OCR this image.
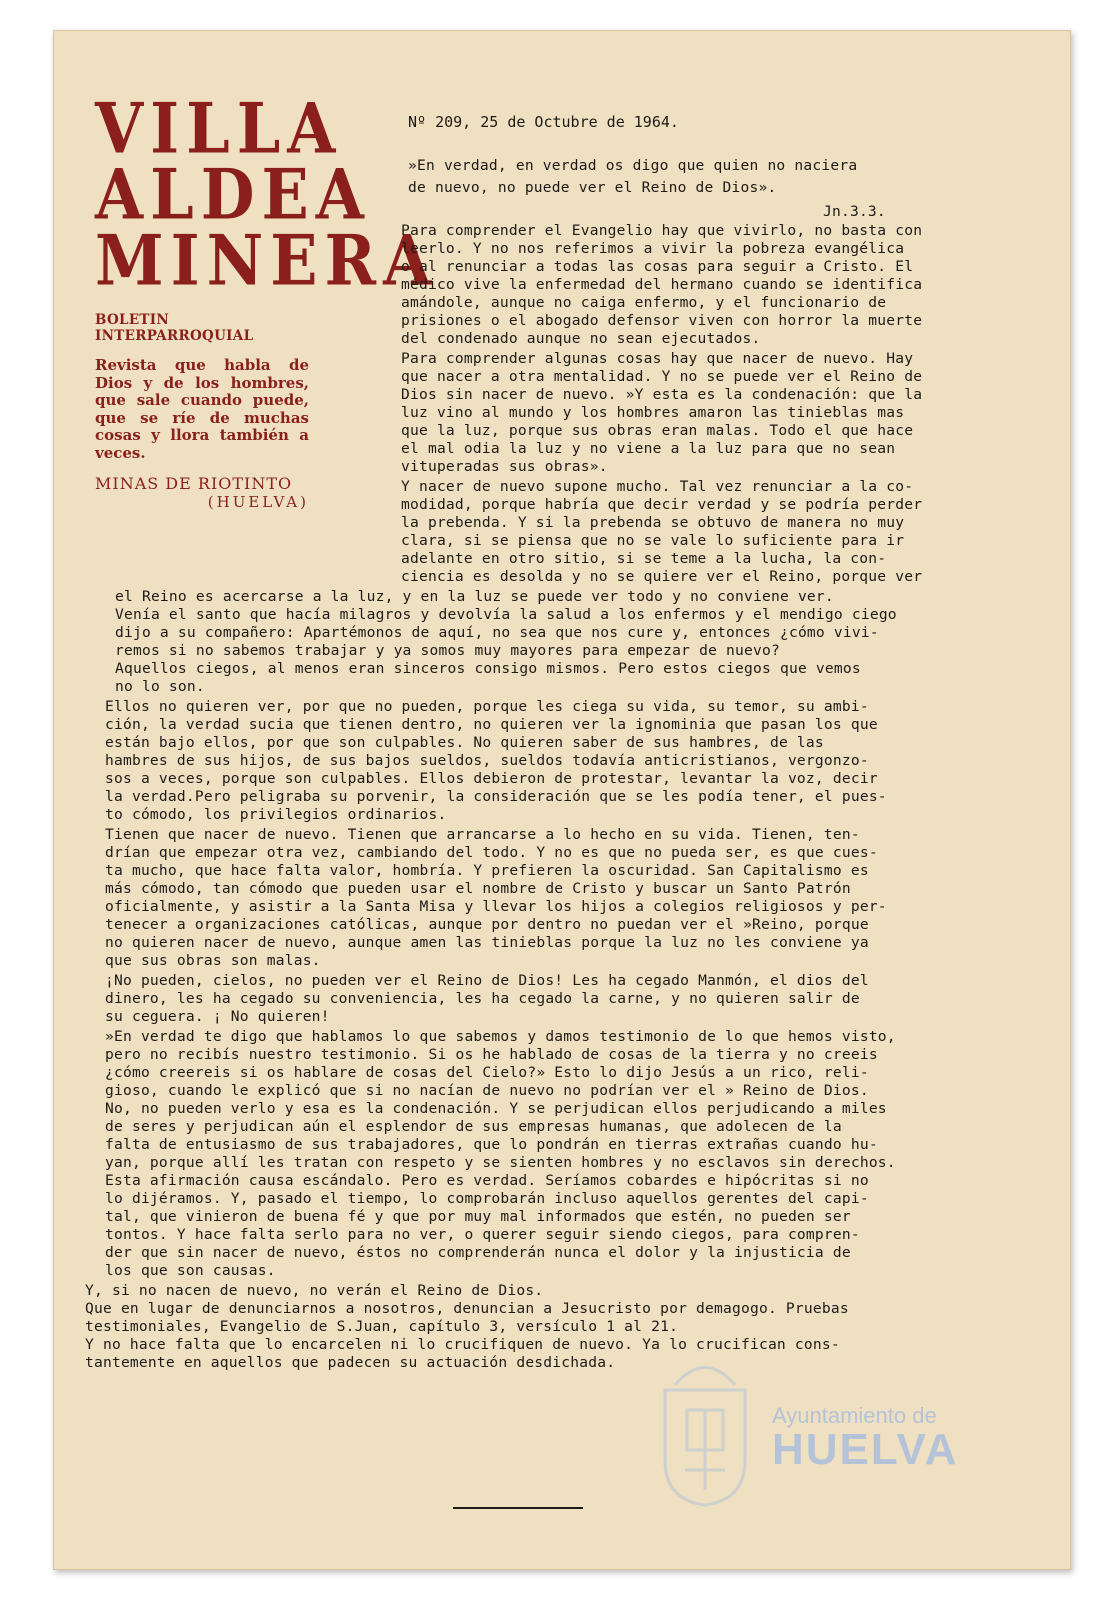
VILLA
ALDEA
MINERA
BOLETIN INTERPARROQUIAL
Revista que habla de Dios y de los hombres, que sale cuando puede, que se ríe de muchas cosas y llora también a veces.
MINAS DE RIOTINTO
(HUELVA)
Nº 209, 25 de Octubre de 1964.
»En verdad, en verdad os digo que quien no naciera
de nuevo, no puede ver el Reino de Dios».
Jn.3.3.
Para comprender el Evangelio hay que vivirlo, no basta con
leerlo. Y no nos referimos a vivir la pobreza evangélica
o al renunciar a todas las cosas para seguir a Cristo. El
médico vive la enfermedad del hermano cuando se identifica
amándole, aunque no caiga enfermo, y el funcionario de
prisiones o el abogado defensor viven con horror la muerte
del condenado aunque no sean ejecutados.
Para comprender algunas cosas hay que nacer de nuevo. Hay
que nacer a otra mentalidad. Y no se puede ver el Reino de
Dios sin nacer de nuevo. »Y esta es la condenación: que la
luz vino al mundo y los hombres amaron las tinieblas mas
que la luz, porque sus obras eran malas. Todo el que hace
el mal odia la luz y no viene a la luz para que no sean
vituperadas sus obras».
Y nacer de nuevo supone mucho. Tal vez renunciar a la co-
modidad, porque habría que decir verdad y se podría perder
la prebenda. Y si la prebenda se obtuvo de manera no muy
clara, si se piensa que no se vale lo suficiente para ir
adelante en otro sitio, si se teme a la lucha, la con-
ciencia es desolda y no se quiere ver el Reino, porque ver
el Reino es acercarse a la luz, y en la luz se puede ver todo y no conviene ver.
Venía el santo que hacía milagros y devolvía la salud a los enfermos y el mendigo ciego
dijo a su compañero: Apartémonos de aquí, no sea que nos cure y, entonces ¿cómo vivi-
remos si no sabemos trabajar y ya somos muy mayores para empezar de nuevo?
Aquellos ciegos, al menos eran sinceros consigo mismos. Pero estos ciegos que vemos
no lo son.
Ellos no quieren ver, por que no pueden, porque les ciega su vida, su temor, su ambi-
ción, la verdad sucia que tienen dentro, no quieren ver la ignominia que pasan los que
están bajo ellos, por que son culpables. No quieren saber de sus hambres, de las
hambres de sus hijos, de sus bajos sueldos, sueldos todavía anticristianos, vergonzo-
sos a veces, porque son culpables. Ellos debieron de protestar, levantar la voz, decir
la verdad.Pero peligraba su porvenir, la consideración que se les podía tener, el pues-
to cómodo, los privilegios ordinarios.
Tienen que nacer de nuevo. Tienen que arrancarse a lo hecho en su vida. Tienen, ten-
drían que empezar otra vez, cambiando del todo. Y no es que no pueda ser, es que cues-
ta mucho, que hace falta valor, hombría. Y prefieren la oscuridad. San Capitalismo es
más cómodo, tan cómodo que pueden usar el nombre de Cristo y buscar un Santo Patrón
oficialmente, y asistir a la Santa Misa y llevar los hijos a colegios religiosos y per-
tenecer a organizaciones católicas, aunque por dentro no puedan ver el »Reino, porque
no quieren nacer de nuevo, aunque amen las tinieblas porque la luz no les conviene ya
que sus obras son malas.
¡No pueden, cielos, no pueden ver el Reino de Dios! Les ha cegado Manmón, el dios del
dinero, les ha cegado su conveniencia, les ha cegado la carne, y no quieren salir de
su ceguera. ¡ No quieren!
»En verdad te digo que hablamos lo que sabemos y damos testimonio de lo que hemos visto,
pero no recibís nuestro testimonio. Si os he hablado de cosas de la tierra y no creeis
¿cómo creereis si os hablare de cosas del Cielo?» Esto lo dijo Jesús a un rico, reli-
gioso, cuando le explicó que si no nacían de nuevo no podrían ver el » Reino de Dios.
No, no pueden verlo y esa es la condenación. Y se perjudican ellos perjudicando a miles
de seres y perjudican aún el esplendor de sus empresas humanas, que adolecen de la
falta de entusiasmo de sus trabajadores, que lo pondrán en tierras extrañas cuando hu-
yan, porque allí les tratan con respeto y se sienten hombres y no esclavos sin derechos.
Esta afirmación causa escándalo. Pero es verdad. Seríamos cobardes e hipócritas si no
lo dijéramos. Y, pasado el tiempo, lo comprobarán incluso aquellos gerentes del capi-
tal, que vinieron de buena fé y que por muy mal informados que estén, no pueden ser
tontos. Y hace falta serlo para no ver, o querer seguir siendo ciegos, para compren-
der que sin nacer de nuevo, éstos no comprenderán nunca el dolor y la injusticia de
los que son causas.
Y, si no nacen de nuevo, no verán el Reino de Dios.
Que en lugar de denunciarnos a nosotros, denuncian a Jesucristo por demagogo. Pruebas
testimoniales, Evangelio de S.Juan, capítulo 3, versículo 1 al 21.
Y no hace falta que lo encarcelen ni lo crucifiquen de nuevo. Ya lo crucifican cons-
tantemente en aquellos que padecen su actuación desdichada.
Ayuntamiento de
HUELVA
